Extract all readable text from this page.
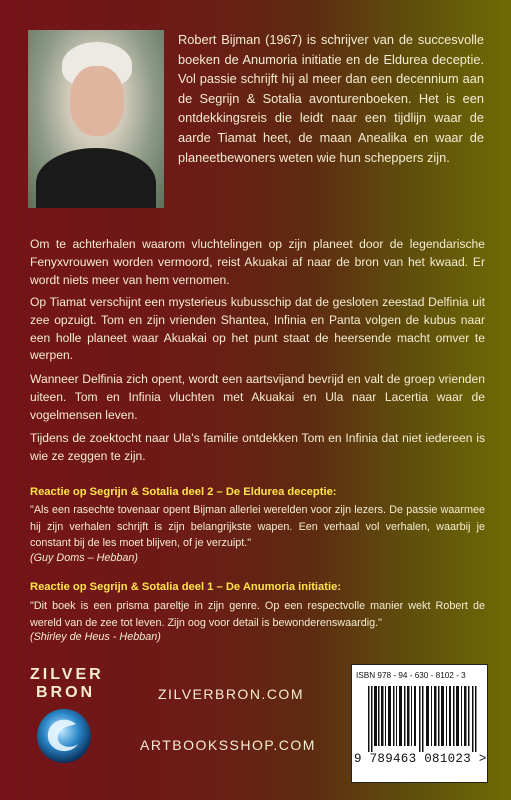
Robert Bijman (1967) is schrijver van de succesvolle boeken de Anumoria initiatie en de Eldurea deceptie. Vol passie schrijft hij al meer dan een decennium aan de Segrijn & Sotalia avonturenboeken. Het is een ontdekkingsreis die leidt naar een tijdlijn waar de aarde Tiamat heet, de maan Anealika en waar de planeetbewoners weten wie hun scheppers zijn.

Om te achterhalen waarom vluchtelingen op zijn planeet door de legendarische Fenyxvrouwen worden vermoord, reist Akuakai af naar de bron van het kwaad. Er wordt niets meer van hem vernomen.

Op Tiamat verschijnt een mysterieus kubusschip dat de gesloten zeestad Delfinia uit zee opzuigt. Tom en zijn vrienden Shantea, Infinia en Panta volgen de kubus naar een holle planeet waar Akuakai op het punt staat de heersende macht omver te werpen.

Wanneer Delfinia zich opent, wordt een aartsvijand bevrijd en valt de groep vrienden uiteen. Tom en Infinia vluchten met Akuakai en Ula naar Lacertia waar de vogelmensen leven.

Tijdens de zoektocht naar Ula's familie ontdekken Tom en Infinia dat niet iedereen is wie ze zeggen te zijn.

Reactie op Segrijn & Sotalia deel 2 – De Eldurea deceptie:

"Als een rasechte tovenaar opent Bijman allerlei werelden voor zijn lezers. De passie waarmee hij zijn verhalen schrijft is zijn belangrijkste wapen. Een verhaal vol verhalen, waarbij je constant bij de les moet blijven, of je verzuipt."

(Guy Doms – Hebban)

Reactie op Segrijn & Sotalia deel 1 – De Anumoria initiatie:

"Dit boek is een prisma pareltje in zijn genre. Op een respectvolle manier wekt Robert de wereld van de zee tot leven. Zijn oog voor detail is bewonderenswaardig."

(Shirley de Heus - Hebban)

ZILVER
BRON	ZILVERBRON.COM
ARTBOOKSSHOP.COM
ISBN 978 - 94 - 630 - 8102 - 3
9 789463 081023 >
